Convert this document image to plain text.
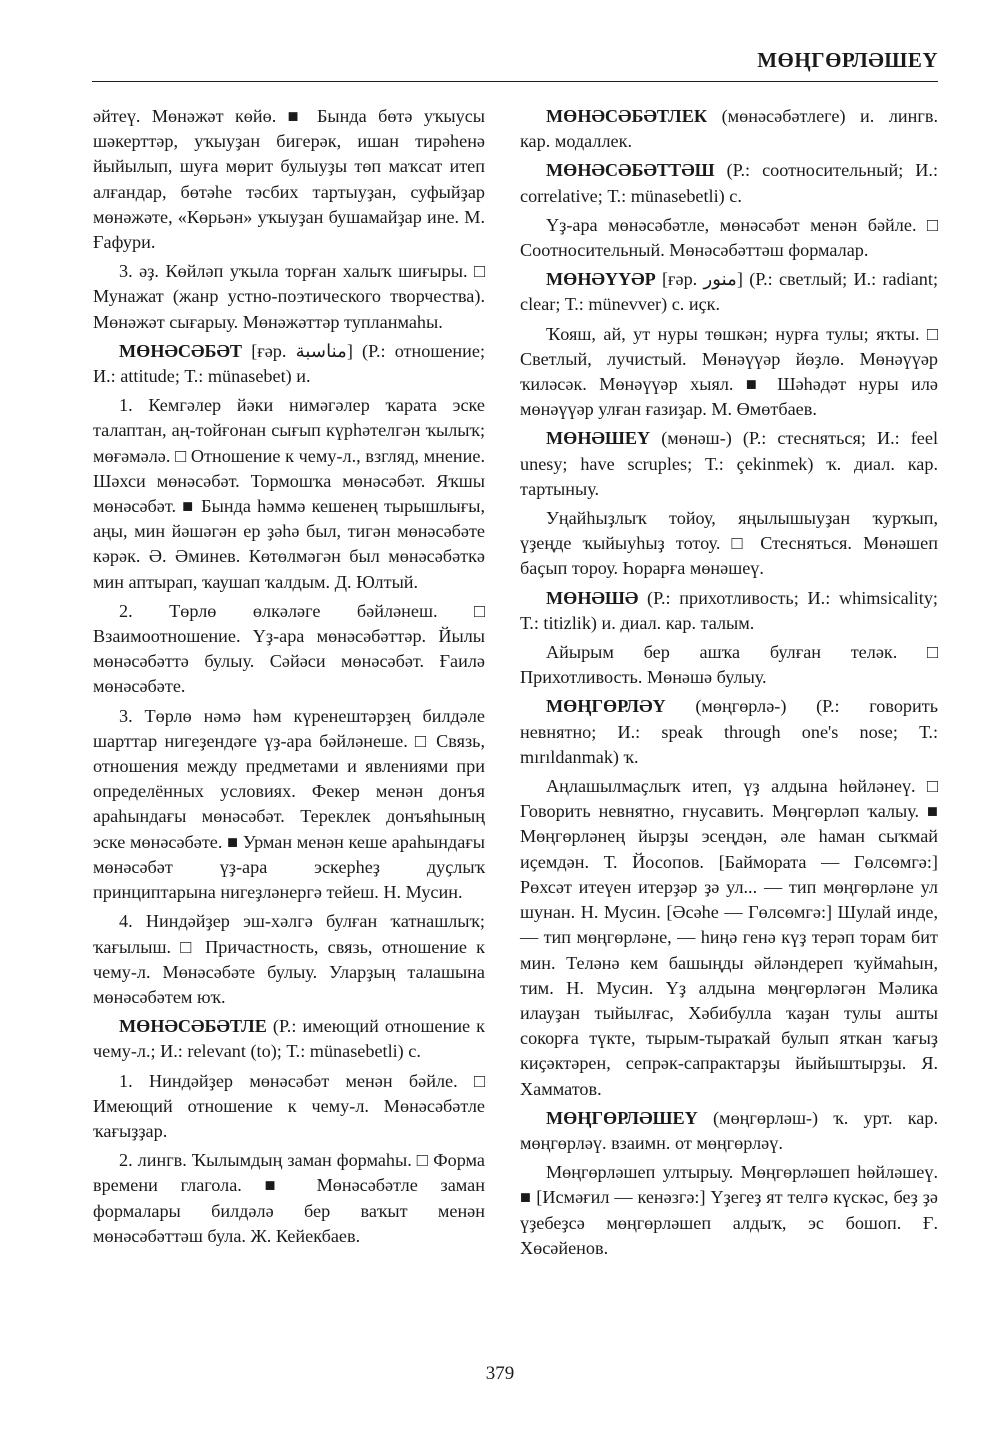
МӨҢГӨРЛӘШЕҮ

әйтеү. Мөнәжәт көйө. ■ Бында бөтә уҡыусы шәкерттәр, уҡыуҙан бигерәк, ишан тирәһенә йыйылып, шуға мөрит булыуҙы төп маҡсат итеп алғандар, бөтәһе тәсбих тартыуҙан, суфыйҙар мөнәжәте, «Көрьән» уҡыуҙан бушамайҙар ине. М. Ғафури.

3. әҙ. Көйләп уҡыла торған халыҡ шиғыры. □ Мунажат (жанр устно-поэтического творчества). Мөнәжәт сығарыу. Мөнәжәттәр тупланмаһы.

МӨНӘСӘБӘТ [ғәр. مناسبة] (Р.: отношение; И.: attitude; Т.: münasebet) и.

1. Кемгәлер йәки нимәгәлер ҡарата эске талаптан, аң-тойғонан сығып күрһәтелгән ҡылыҡ; мөғәмәлә. □ Отношение к чему-л., взгляд, мнение. Шәхси мөнәсәбәт. Тормошҡа мөнәсәбәт. Яҡшы мөнәсәбәт. ■ Бында һәммә кешенең тырышлығы, аңы, мин йәшәгән ер ҙәһә был, тигән мөнәсәбәте кәрәк. Ә. Әминев. Көтөлмәгән был мөнәсәбәткә мин аптырап, ҡаушап ҡалдым. Д. Юлтый.

2. Төрлө өлкәләге бәйләнеш. □ Взаимоотношение. Үҙ-ара мөнәсәбәттәр. Йылы мөнәсәбәттә булыу. Сәйәси мөнәсәбәт. Ғаилә мөнәсәбәте.

3. Төрлө нәмә һәм күренештәрҙең билдәле шарттар нигеҙендәге үҙ-ара бәйләнеше. □ Связь, отношения между предметами и явлениями при определённых условиях. Фекер менән донъя араһындағы мөнәсәбәт. Тереклек донъяһының эске мөнәсәбәте. ■ Урман менән кеше араһындағы мөнәсәбәт үҙ-ара эскерһеҙ дуҫлыҡ принциптарына нигеҙләнергә тейеш. Н. Мусин.

4. Ниндәйҙер эш-хәлгә булған ҡатнашлыҡ; ҡағылыш. □ Причастность, связь, отношение к чему-л. Мөнәсәбәте булыу. Уларҙың талашына мөнәсәбәтем юҡ.

МӨНӘСӘБӘТЛЕ (Р.: имеющий отношение к чему-л.; И.: relevant (to); Т.: münasebetli) с.

1. Ниндәйҙер мөнәсәбәт менән бәйле. □ Имеющий отношение к чему-л. Мөнәсәбәтле ҡағыҙҙар.

2. лингв. Ҡылымдың заман формаһы. □ Форма времени глагола. ■ Мөнәсәбәтле заман формалары билдәлә бер ваҡыт менән мөнәсәбәттәш була. Ж. Кейекбаев.

МӨНӘСӘБӘТЛЕК (мөнәсәбәтлеге) и. лингв. кар. модаллек.

МӨНӘСӘБӘТТӘШ (Р.: соотносительный; И.: correlative; Т.: münasebetli) с.

Үҙ-ара мөнәсәбәтле, мөнәсәбәт менән бәйле. □ Соотносительный. Мөнәсәбәттәш формалар.

МӨНӘҮҮӘР [ғәр. منور] (Р.: светлый; И.: radiant; clear; Т.: münevver) с. иҫк.

Ҡояш, ай, ут нуры төшкән; нурға тулы; яҡты. □ Светлый, лучистый. Мөнәүүәр йөҙлө. Мөнәүүәр ҡиләсәк. Мөнәүүәр хыял. ■ Шәһәдәт нуры илә мөнәүүәр улған ғазиҙар. М. Өмөтбаев.

МӨНӘШЕҮ (мөнәш-) (Р.: стесняться; И.: feel unesy; have scruples; Т.: çekinmek) ҡ. диал. кар. тартыныу.

Уңайһыҙлыҡ тойоу, яңылышыуҙан ҡурҡып, үҙеңде ҡыйыуһыҙ тотоу. □ Стесняться. Мөнәшеп баҫып тороу. Һорарға мөнәшеү.

МӨНӘШӘ (Р.: прихотливость; И.: whimsicality; Т.: titizlik) и. диал. кар. талым.

Айырым бер ашҡа булған теләк. □ Прихотливость. Мөнәшә булыу.

МӨҢГӨРЛӘҮ (мөңгөрлә-) (Р.: говорить невнятно; И.: speak through one's nose; Т.: mırıldanmak) ҡ.

Аңлашылмаҫлыҡ итеп, үҙ алдына һөйләнеү. □ Говорить невнятно, гнусавить. Мөңгөрләп ҡалыу. ■ Мөңгөрләнең йырҙы эсеңдән, әле һаман сыҡмай иҫемдән. Т. Йосопов. [Баймората — Гөлсөмгә:] Рөхсәт итеүен итерҙәр ҙә ул... — тип мөңгөрләне ул шунан. Н. Мусин. [Әсәһе — Гөлсөмгә:] Шулай инде, — тип мөңгөрләне, — һиңә генә күҙ терәп торам бит мин. Теләнә кем башыңды әйләндереп ҡуймаһын, тим. Н. Мусин. Үҙ алдына мөңгөрләгән Мәлика илауҙан тыйылғас, Хәбибулла ҡаҙан тулы ашты сокорға түкте, тырым-тыраҡай булып яткан ҡағыҙ киҫәктәрен, сепрәк-сапрактарҙы йыйыштырҙы. Я. Хамматов.

МӨҢГӨРЛӘШЕҮ (мөңгөрләш-) ҡ. урт. кар. мөңгөрләү. взаимн. от мөңгөрләү.

Мөңгөрләшеп ултырыу. Мөңгөрләшеп һөйләшеү. ■ [Исмәғил — кенәзгә:] Үҙегеҙ ят телгә күскәс, беҙ ҙә үҙебеҙсә мөңгөрләшеп алдыҡ, эс бошоп. Ғ. Хөсәйенов.

379
